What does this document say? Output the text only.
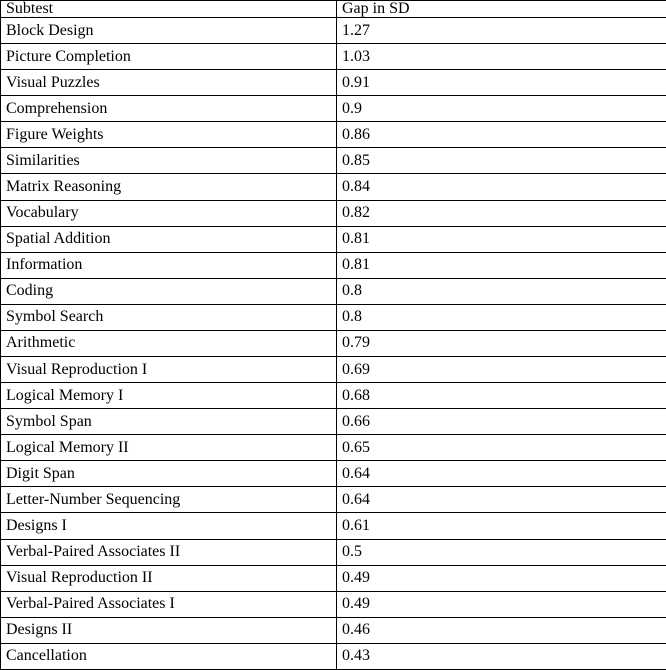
Subtest	Gap in SD
Block Design	1.27
Picture Completion	1.03
Visual Puzzles	0.91
Comprehension	0.9
Figure Weights	0.86
Similarities	0.85
Matrix Reasoning	0.84
Vocabulary	0.82
Spatial Addition	0.81
Information	0.81
Coding	0.8
Symbol Search	0.8
Arithmetic	0.79
Visual Reproduction I	0.69
Logical Memory I	0.68
Symbol Span	0.66
Logical Memory II	0.65
Digit Span	0.64
Letter-Number Sequencing	0.64
Designs I	0.61
Verbal-Paired Associates II	0.5
Visual Reproduction II	0.49
Verbal-Paired Associates I	0.49
Designs II	0.46
Cancellation	0.43
